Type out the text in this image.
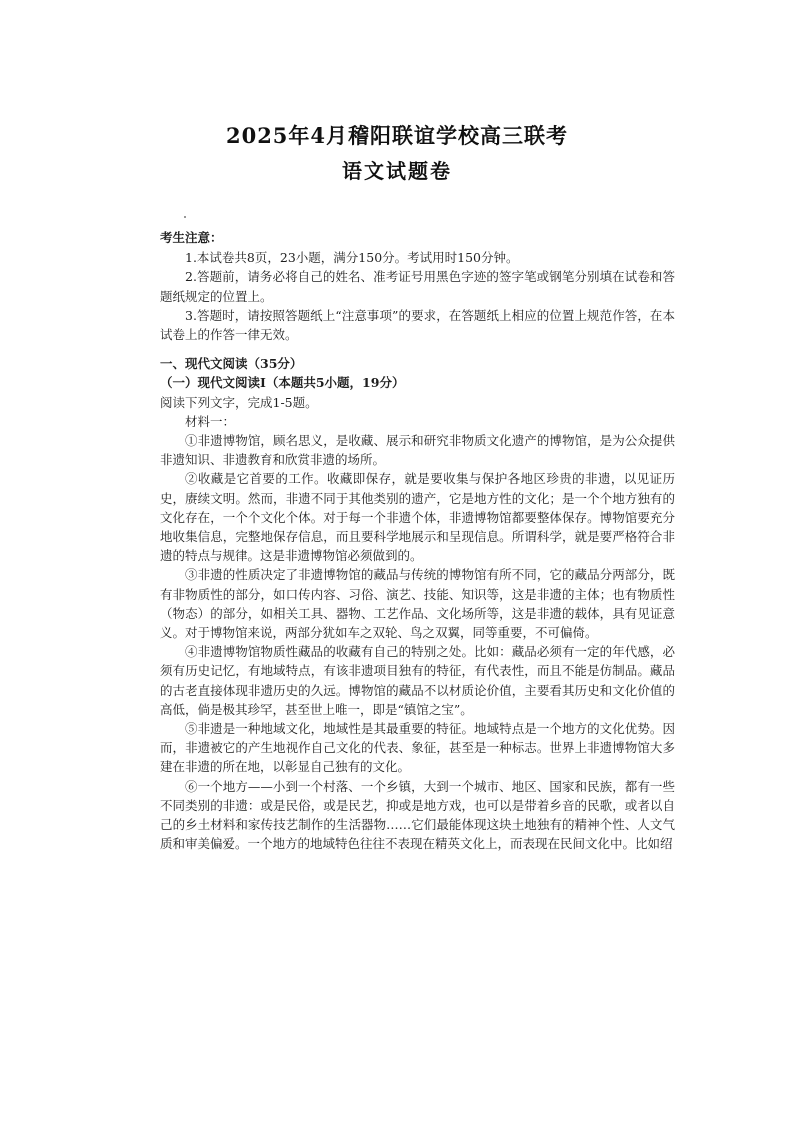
2025年4月稽阳联谊学校高三联考
语文试题卷

考生注意：

1.本试卷共8页，23小题，满分150分。考试用时150分钟。

2.答题前，请务必将自己的姓名、准考证号用黑色字迹的签字笔或钢笔分别填在试卷和答题纸规定的位置上。

3.答题时，请按照答题纸上“注意事项”的要求，在答题纸上相应的位置上规范作答，在本试卷上的作答一律无效。

一、现代文阅读（35分）

（一）现代文阅读Ⅰ（本题共5小题，19分）

阅读下列文字，完成1-5题。

材料一：

①非遗博物馆，顾名思义，是收藏、展示和研究非物质文化遗产的博物馆，是为公众提供非遗知识、非遗教育和欣赏非遗的场所。

②收藏是它首要的工作。收藏即保存，就是要收集与保护各地区珍贵的非遗，以见证历史，赓续文明。然而，非遗不同于其他类别的遗产，它是地方性的文化；是一个个地方独有的文化存在，一个个文化个体。对于每一个非遗个体，非遗博物馆都要整体保存。博物馆要充分地收集信息，完整地保存信息，而且要科学地展示和呈现信息。所谓科学，就是要严格符合非遗的特点与规律。这是非遗博物馆必须做到的。

③非遗的性质决定了非遗博物馆的藏品与传统的博物馆有所不同，它的藏品分两部分，既有非物质性的部分，如口传内容、习俗、演艺、技能、知识等，这是非遗的主体；也有物质性（物态）的部分，如相关工具、器物、工艺作品、文化场所等，这是非遗的载体，具有见证意义。对于博物馆来说，两部分犹如车之双轮、鸟之双翼，同等重要，不可偏倚。

④非遗博物馆物质性藏品的收藏有自己的特别之处。比如：藏品必须有一定的年代感，必须有历史记忆，有地域特点，有该非遗项目独有的特征，有代表性，而且不能是仿制品。藏品的古老直接体现非遗历史的久远。博物馆的藏品不以材质论价值，主要看其历史和文化价值的高低，倘是极其珍罕，甚至世上唯一，即是“镇馆之宝”。

⑤非遗是一种地域文化，地域性是其最重要的特征。地域特点是一个地方的文化优势。因而，非遗被它的产生地视作自己文化的代表、象征，甚至是一种标志。世界上非遗博物馆大多建在非遗的所在地，以彰显自己独有的文化。

⑥一个地方——小到一个村落、一个乡镇，大到一个城市、地区、国家和民族，都有一些不同类别的非遗：或是民俗，或是民艺，抑或是地方戏，也可以是带着乡音的民歌，或者以自己的乡土材料和家传技艺制作的生活器物……它们最能体现这块土地独有的精神个性、人文气质和审美偏爱。一个地方的地域特色往往不表现在精英文化上，而表现在民间文化中。比如绍
